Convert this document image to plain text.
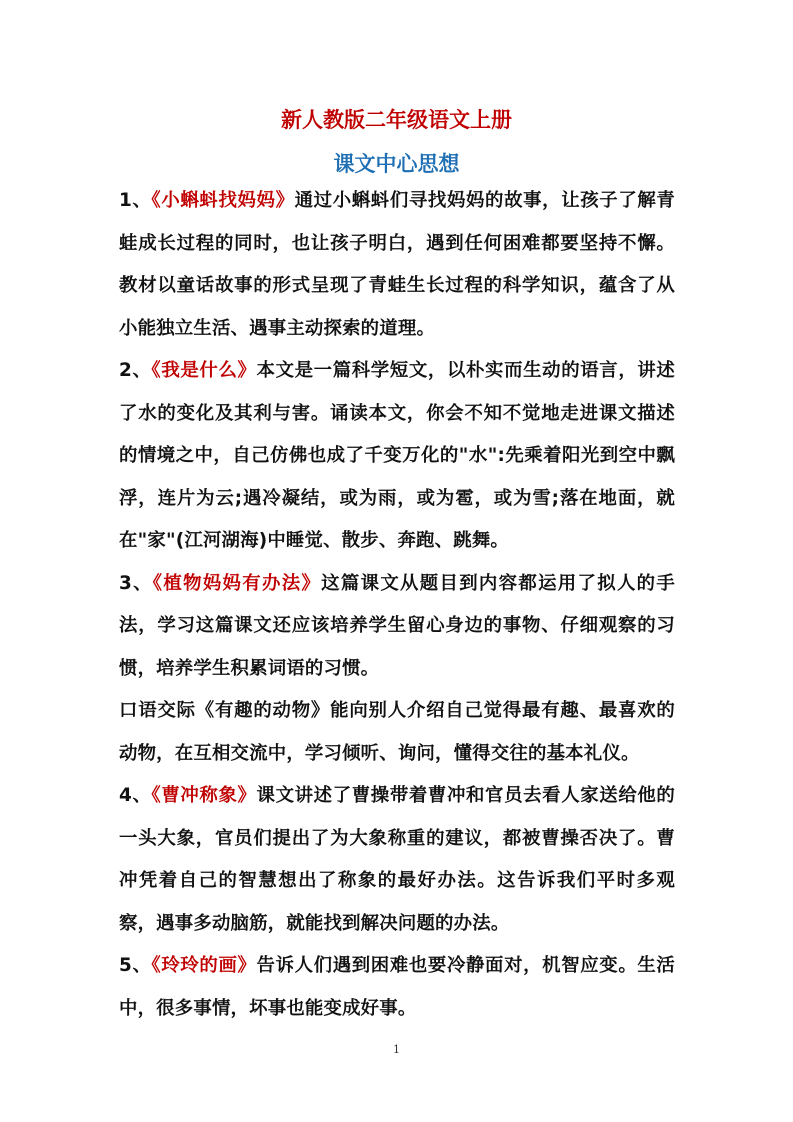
新人教版二年级语文上册
课文中心思想

1、《小蝌蚪找妈妈》通过小蝌蚪们寻找妈妈的故事，让孩子了解青蛙成长过程的同时，也让孩子明白，遇到任何困难都要坚持不懈。教材以童话故事的形式呈现了青蛙生长过程的科学知识，蕴含了从小能独立生活、遇事主动探索的道理。

2、《我是什么》本文是一篇科学短文，以朴实而生动的语言，讲述了水的变化及其利与害。诵读本文，你会不知不觉地走进课文描述的情境之中，自己仿佛也成了千变万化的"水":先乘着阳光到空中飘浮，连片为云;遇冷凝结，或为雨，或为雹，或为雪;落在地面，就在"家"(江河湖海)中睡觉、散步、奔跑、跳舞。

3、《植物妈妈有办法》这篇课文从题目到内容都运用了拟人的手法，学习这篇课文还应该培养学生留心身边的事物、仔细观察的习惯，培养学生积累词语的习惯。

口语交际《有趣的动物》能向别人介绍自己觉得最有趣、最喜欢的动物，在互相交流中，学习倾听、询问，懂得交往的基本礼仪。

4、《曹冲称象》课文讲述了曹操带着曹冲和官员去看人家送给他的一头大象，官员们提出了为大象称重的建议，都被曹操否决了。曹冲凭着自己的智慧想出了称象的最好办法。这告诉我们平时多观察，遇事多动脑筋，就能找到解决问题的办法。

5、《玲玲的画》告诉人们遇到困难也要冷静面对，机智应变。生活中，很多事情，坏事也能变成好事。

1
